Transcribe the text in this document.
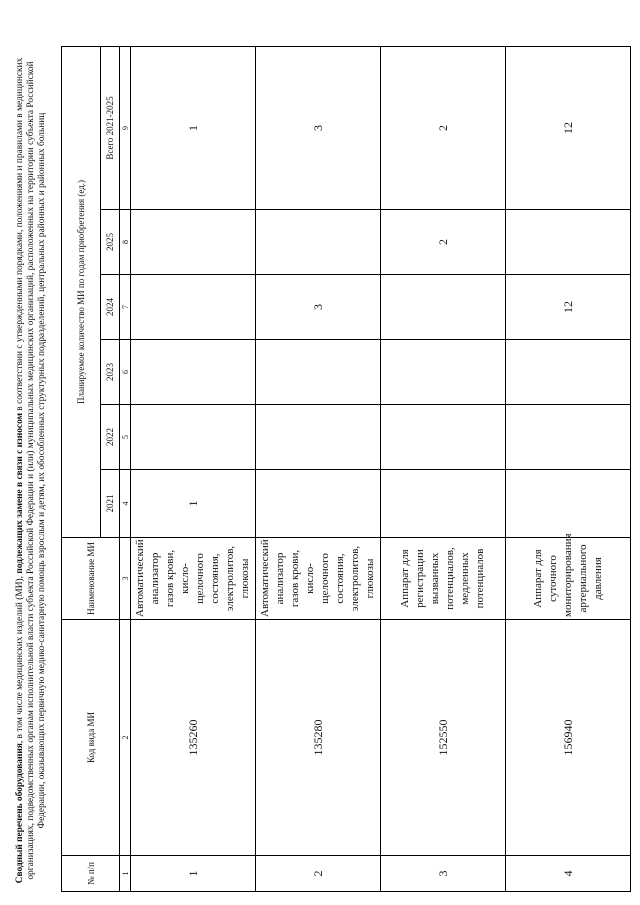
Сводный перечень оборудования, в том числе медицинских изделий (МИ), подлежащих замене в связи с износом в соответствии с утвержденными порядками, положениями и правилами в медицинских организациях, подведомственных органам исполнительной власти субъекта Российской Федерации и (или) муниципальных медицинских организаций, расположенных на территории субъекта Российской Федерации, оказывающих первичную медико-санитарную помощь взрослым и детям, их обособленных структурных подразделений, центральных районных и районных больниц
№ п/п	Код вида МИ	Наименование МИ	Планируемое количество МИ по годам приобретения (ед.)					
			2021	2022	2023	2024	2025	Всего 2021-2025
1	2	3	4	5	6	7	8	9
1	135260	Автоматический анализатор газов крови, кисло-щелочного состояния, электролитов, глюкозы	1					1
2	135280	Автоматический анализатор газов крови, кисло-щелочного состояния, электролитов, глюкозы				3		3
3	152550	Аппарат для регистрации вызванных потенциалов, медленных потенциалов					2	2
4	156940	Аппарат для суточного мониторирования артериального давления				12		12
